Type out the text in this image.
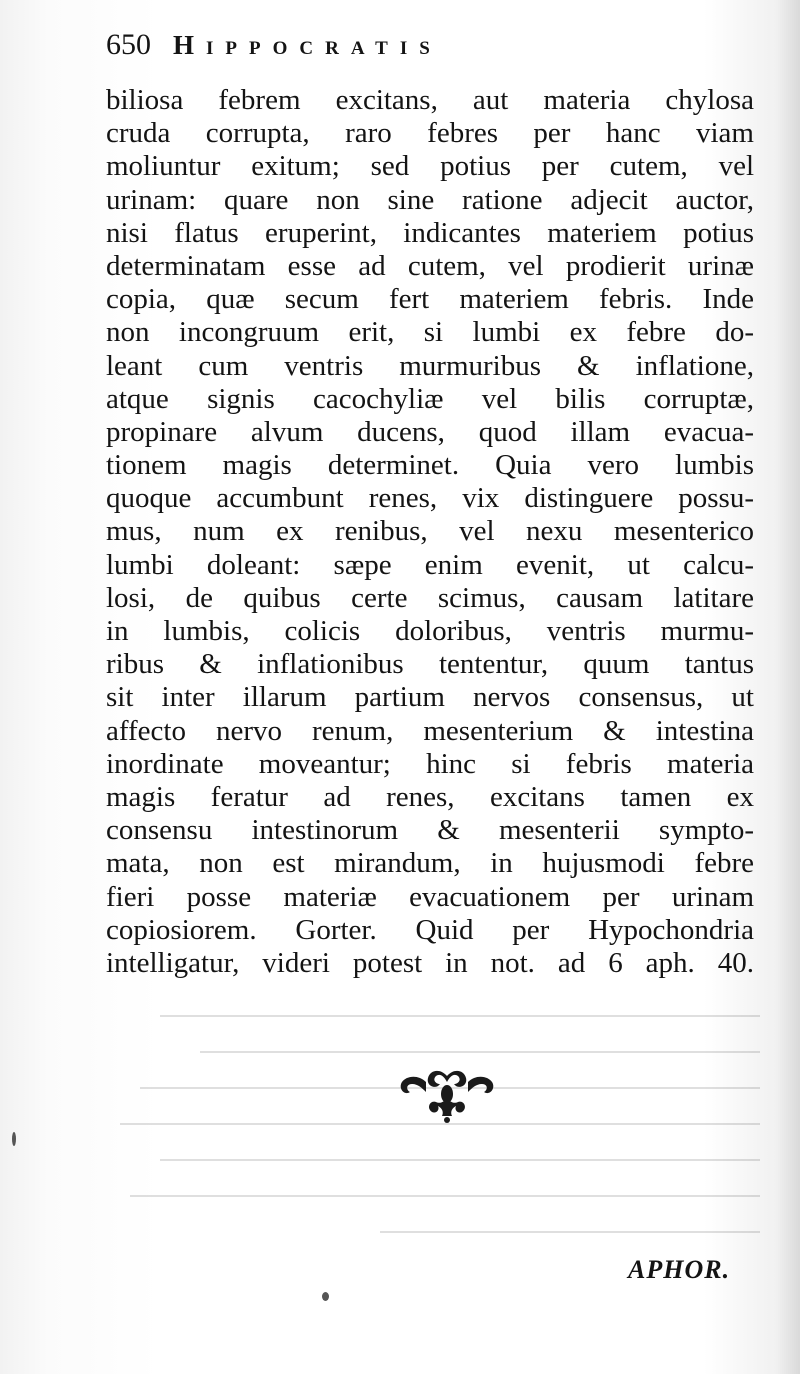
650 Hippocratis
biliosa febrem excitans, aut materia chylosa
cruda corrupta, raro febres per hanc viam
moliuntur exitum; sed potius per cutem, vel
urinam: quare non sine ratione adjecit auctor,
nisi flatus eruperint, indicantes materiem potius
determinatam esse ad cutem, vel prodierit urinæ
copia, quæ secum fert materiem febris. Inde
non incongruum erit, si lumbi ex febre do-
leant cum ventris murmuribus & inflatione,
atque signis cacochyliæ vel bilis corruptæ,
propinare alvum ducens, quod illam evacua-
tionem magis determinet. Quia vero lumbis
quoque accumbunt renes, vix distinguere possu-
mus, num ex renibus, vel nexu mesenterico
lumbi doleant: sæpe enim evenit, ut calcu-
losi, de quibus certe scimus, causam latitare
in lumbis, colicis doloribus, ventris murmu-
ribus & inflationibus tententur, quum tantus
sit inter illarum partium nervos consensus, ut
affecto nervo renum, mesenterium & intestina
inordinate moveantur; hinc si febris materia
magis feratur ad renes, excitans tamen ex
consensu intestinorum & mesenterii sympto-
mata, non est mirandum, in hujusmodi febre
fieri posse materiæ evacuationem per urinam
copiosiorem. Gorter. Quid per Hypochondria
intelligatur, videri potest in not. ad 6 aph. 40.
APHOR.
